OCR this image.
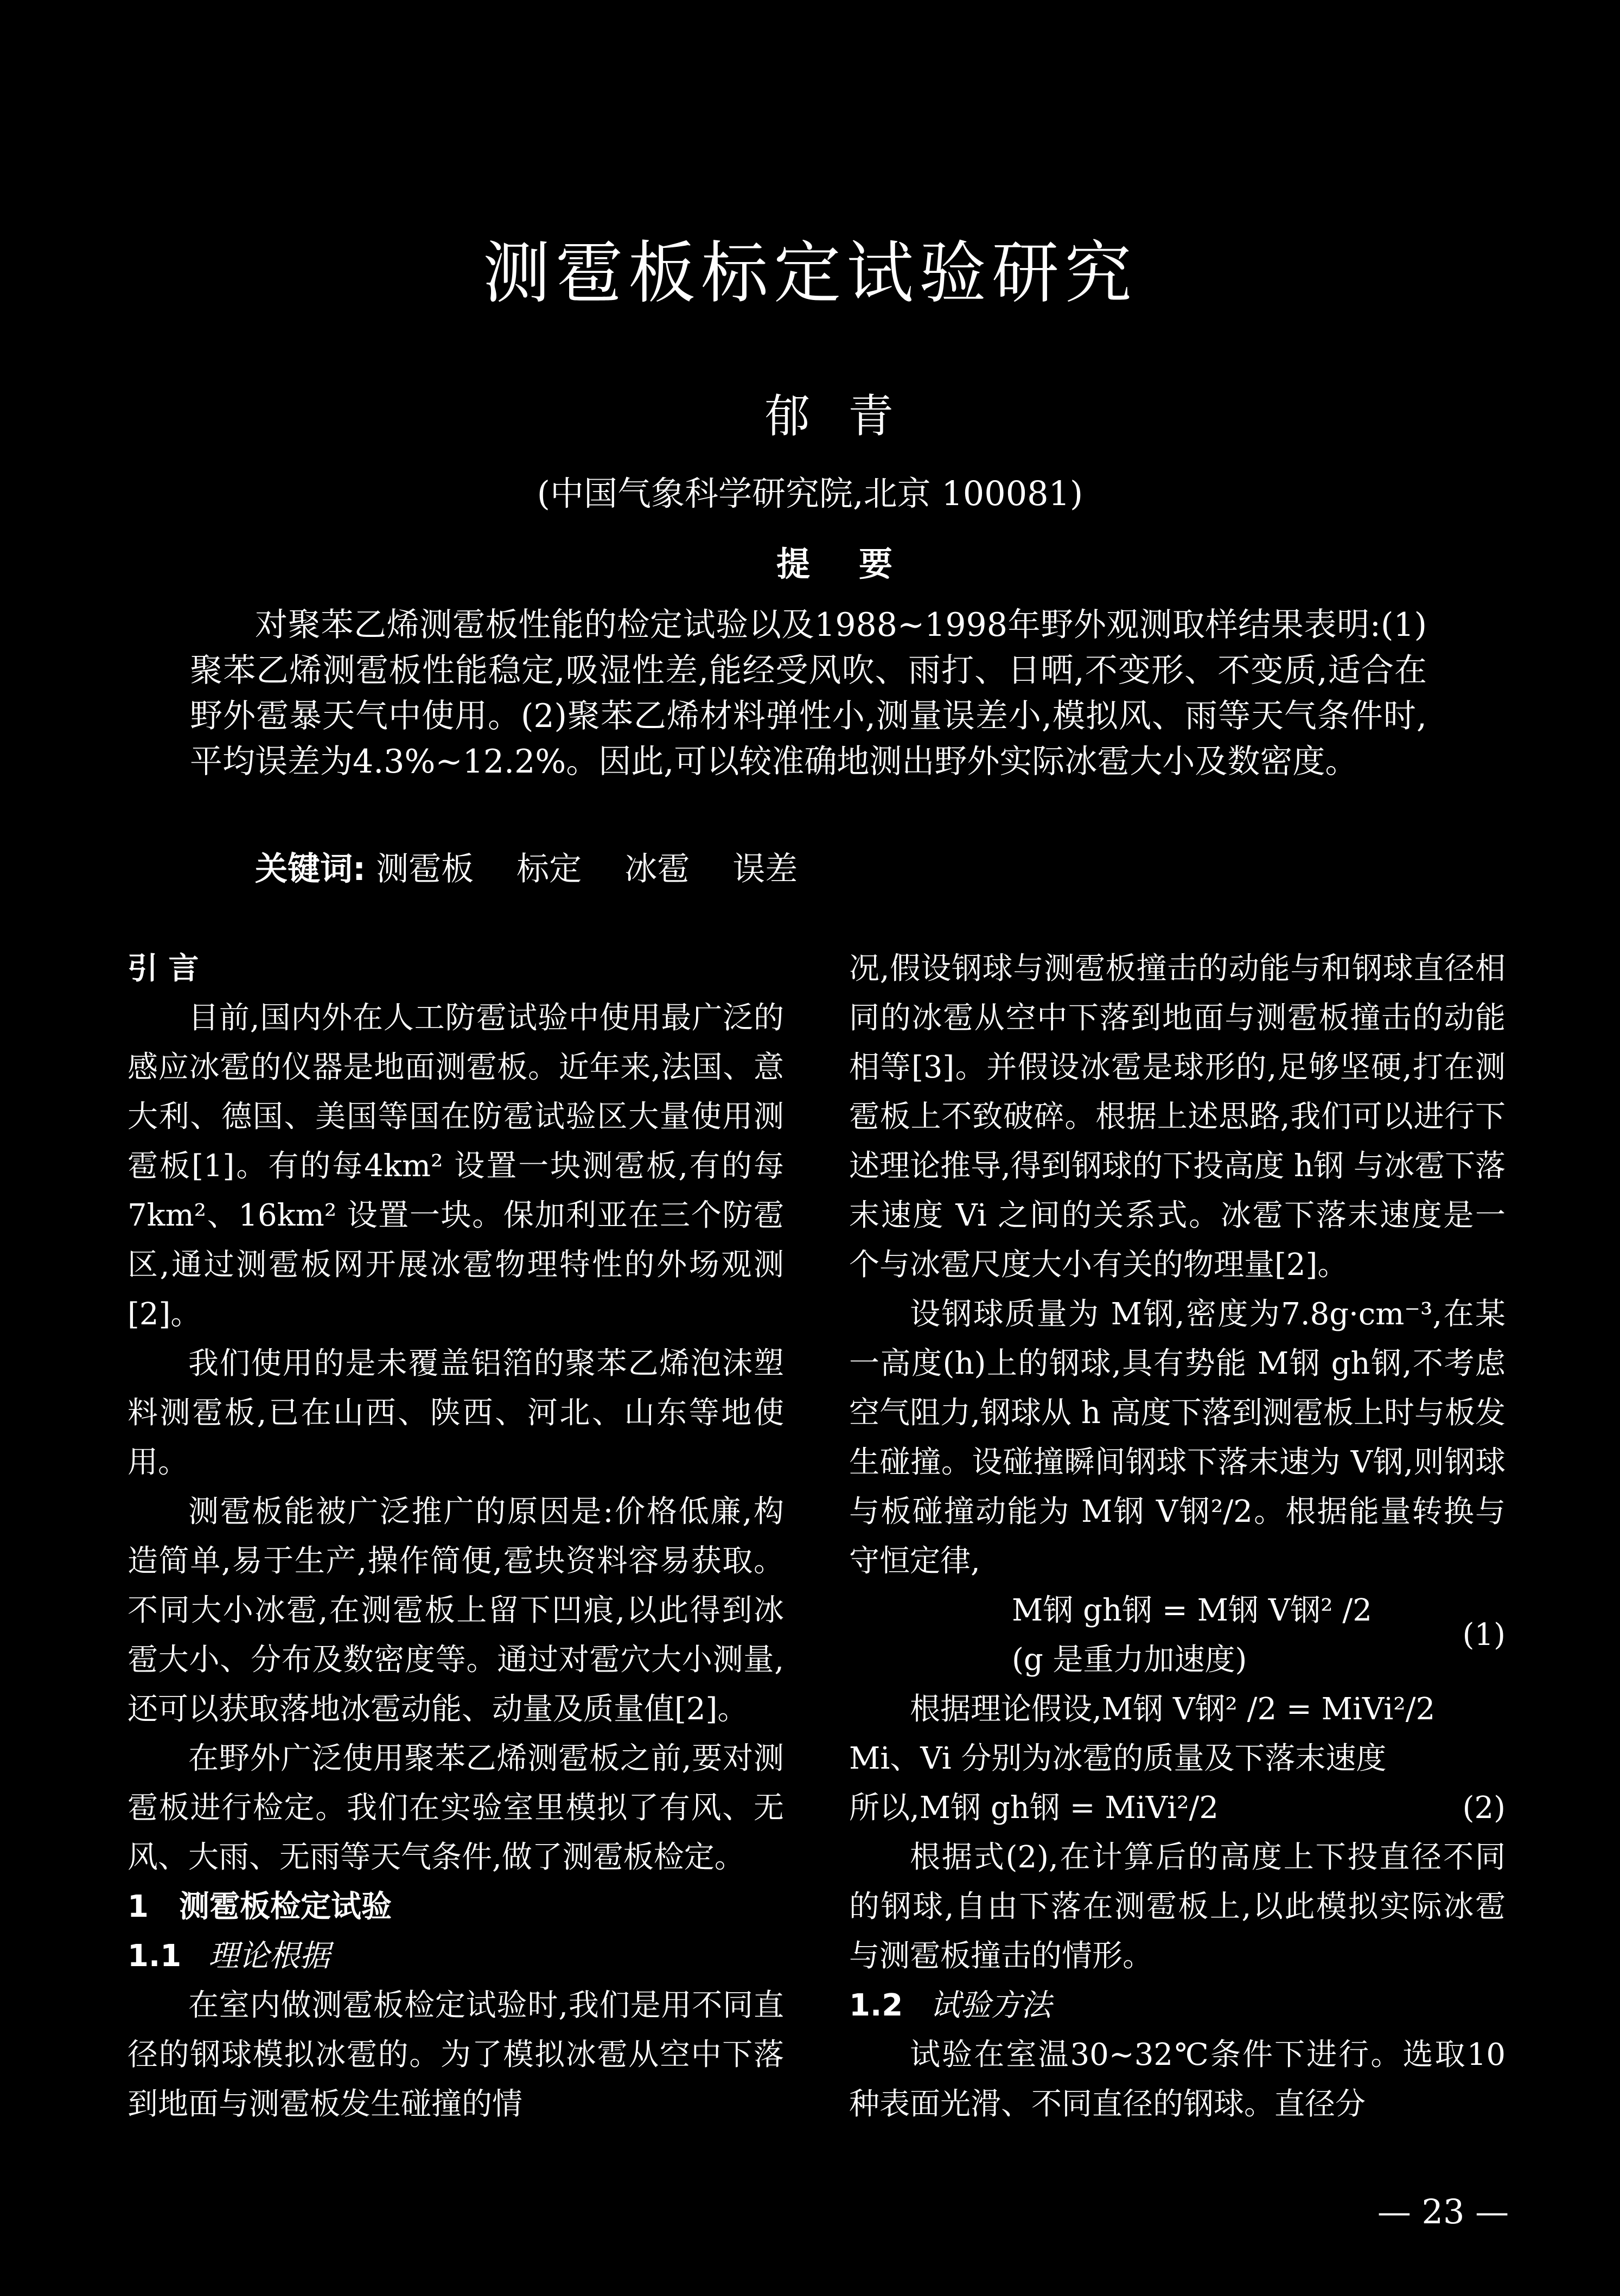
测雹板标定试验研究
郁青
(中国气象科学研究院,北京 100081)
提要

对聚苯乙烯测雹板性能的检定试验以及1988~1998年野外观测取样结果表明:(1)聚苯乙烯测雹板性能稳定,吸湿性差,能经受风吹、雨打、日晒,不变形、不变质,适合在野外雹暴天气中使用。(2)聚苯乙烯材料弹性小,测量误差小,模拟风、雨等天气条件时,平均误差为4.3%~12.2%。因此,可以较准确地测出野外实际冰雹大小及数密度。

关键词: 测雹板 标定 冰雹 误差

引 言

目前,国内外在人工防雹试验中使用最广泛的感应冰雹的仪器是地面测雹板。近年来,法国、意大利、德国、美国等国在防雹试验区大量使用测雹板[1]。有的每4km² 设置一块测雹板,有的每 7km²、16km² 设置一块。保加利亚在三个防雹区,通过测雹板网开展冰雹物理特性的外场观测[2]。

我们使用的是未覆盖铝箔的聚苯乙烯泡沫塑料测雹板,已在山西、陕西、河北、山东等地使用。

测雹板能被广泛推广的原因是:价格低廉,构造简单,易于生产,操作简便,雹块资料容易获取。不同大小冰雹,在测雹板上留下凹痕,以此得到冰雹大小、分布及数密度等。通过对雹穴大小测量,还可以获取落地冰雹动能、动量及质量值[2]。

在野外广泛使用聚苯乙烯测雹板之前,要对测雹板进行检定。我们在实验室里模拟了有风、无风、大雨、无雨等天气条件,做了测雹板检定。

1 测雹板检定试验

1.1 理论根据

在室内做测雹板检定试验时,我们是用不同直径的钢球模拟冰雹的。为了模拟冰雹从空中下落到地面与测雹板发生碰撞的情

况,假设钢球与测雹板撞击的动能与和钢球直径相同的冰雹从空中下落到地面与测雹板撞击的动能相等[3]。并假设冰雹是球形的,足够坚硬,打在测雹板上不致破碎。根据上述思路,我们可以进行下述理论推导,得到钢球的下投高度 h钢 与冰雹下落末速度 Vi 之间的关系式。冰雹下落末速度是一个与冰雹尺度大小有关的物理量[2]。

设钢球质量为 M钢,密度为7.8g·cm⁻³,在某一高度(h)上的钢球,具有势能 M钢 gh钢,不考虑空气阻力,钢球从 h 高度下落到测雹板上时与板发生碰撞。设碰撞瞬间钢球下落末速为 V钢,则钢球与板碰撞动能为 M钢 V钢²/2。根据能量转换与守恒定律,

M钢 gh钢 = M钢 V钢² /2
(g 是重力加速度)
(1)

根据理论假设,M钢 V钢² /2 = MiVi²/2

Mi、Vi 分别为冰雹的质量及下落末速度

所以,M钢 gh钢 = MiVi²/2	(2)

根据式(2),在计算后的高度上下投直径不同的钢球,自由下落在测雹板上,以此模拟实际冰雹与测雹板撞击的情形。

1.2 试验方法

试验在室温30~32℃条件下进行。选取10种表面光滑、不同直径的钢球。直径分

— 23 —
